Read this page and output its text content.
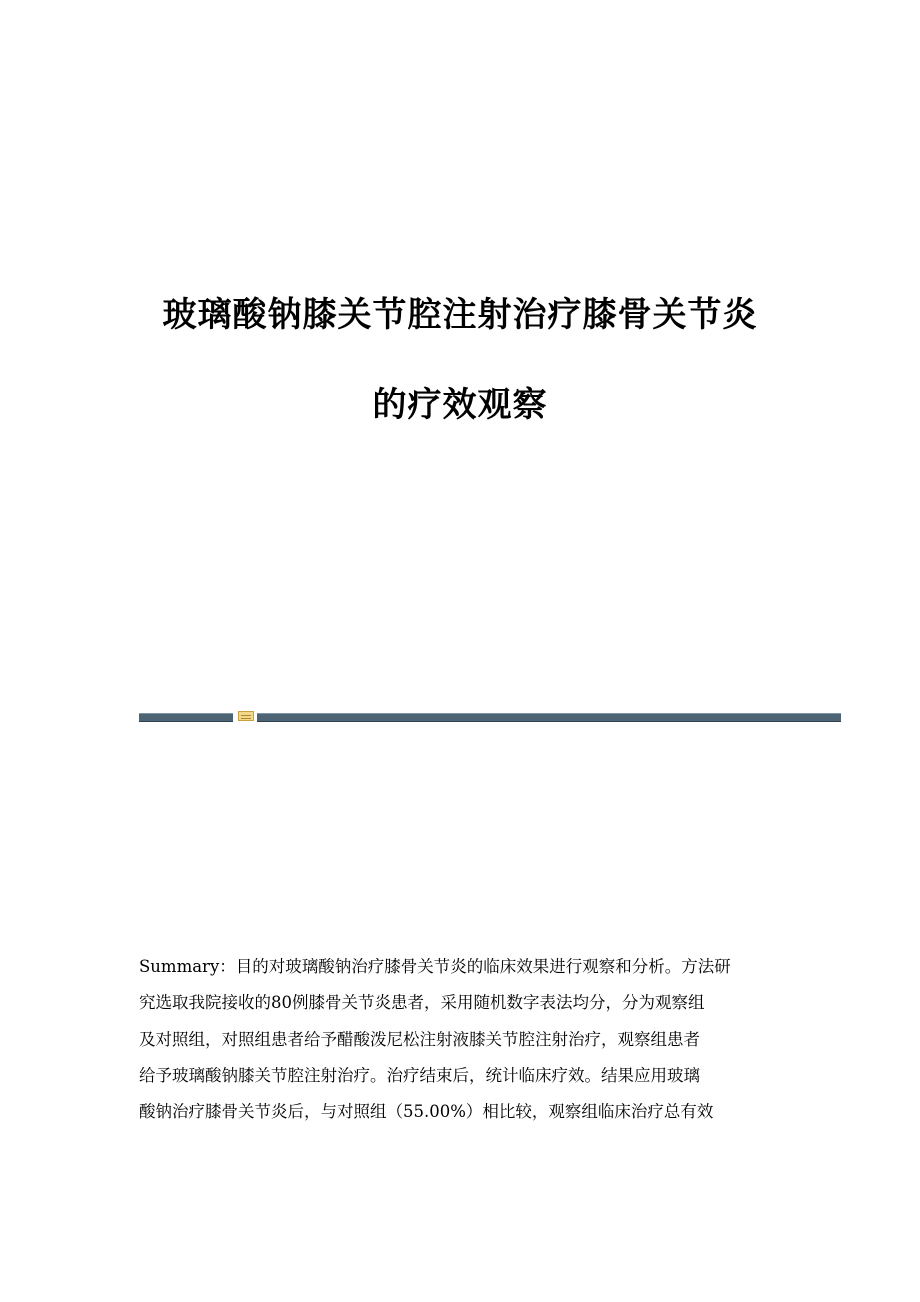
玻璃酸钠膝关节腔注射治疗膝骨关节炎
的疗效观察
Summary：目的对玻璃酸钠治疗膝骨关节炎的临床效果进行观察和分析。方法研
究选取我院接收的80例膝骨关节炎患者，采用随机数字表法均分，分为观察组
及对照组，对照组患者给予醋酸泼尼松注射液膝关节腔注射治疗，观察组患者
给予玻璃酸钠膝关节腔注射治疗。治疗结束后，统计临床疗效。结果应用玻璃
酸钠治疗膝骨关节炎后，与对照组（55.00%）相比较，观察组临床治疗总有效
